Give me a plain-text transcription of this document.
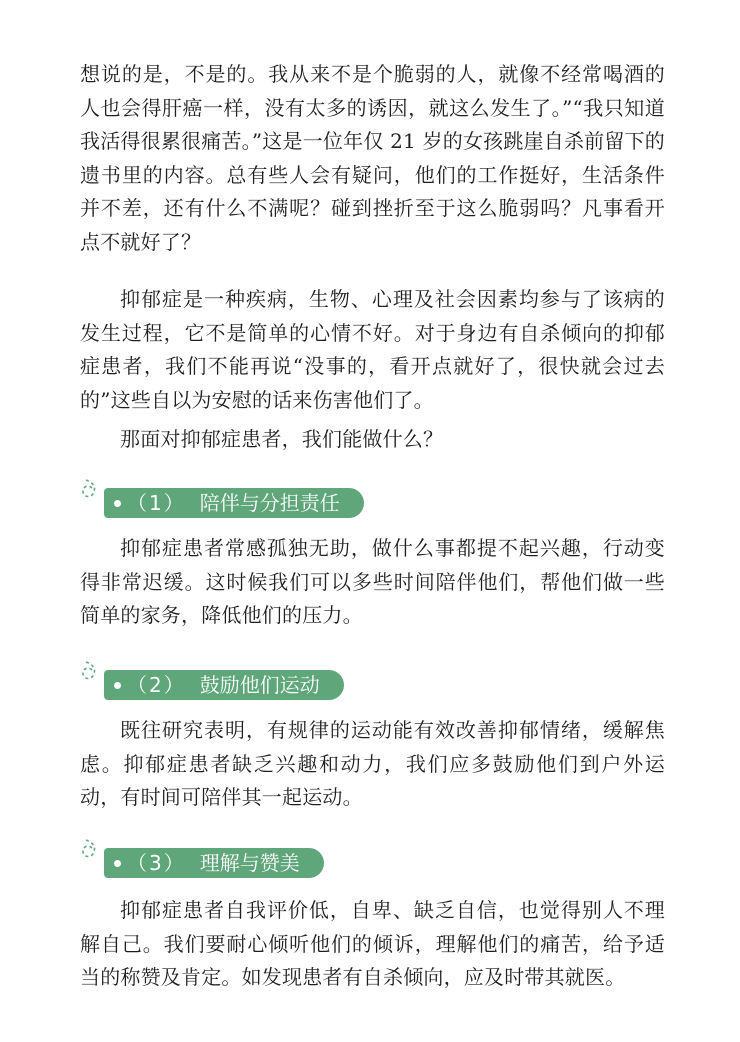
想说的是，不是的。我从来不是个脆弱的人，就像不经常喝酒的人也会得肝癌一样，没有太多的诱因，就这么发生了。”“我只知道我活得很累很痛苦。”这是一位年仅 21 岁的女孩跳崖自杀前留下的遗书里的内容。总有些人会有疑问，他们的工作挺好，生活条件并不差，还有什么不满呢？碰到挫折至于这么脆弱吗？凡事看开点不就好了？

抑郁症是一种疾病，生物、心理及社会因素均参与了该病的发生过程，它不是简单的心情不好。对于身边有自杀倾向的抑郁症患者，我们不能再说“没事的，看开点就好了，很快就会过去的”这些自以为安慰的话来伤害他们了。

那面对抑郁症患者，我们能做什么？

（1） 陪伴与分担责任

抑郁症患者常感孤独无助，做什么事都提不起兴趣，行动变得非常迟缓。这时候我们可以多些时间陪伴他们，帮他们做一些简单的家务，降低他们的压力。

（2） 鼓励他们运动

既往研究表明，有规律的运动能有效改善抑郁情绪，缓解焦虑。抑郁症患者缺乏兴趣和动力，我们应多鼓励他们到户外运动，有时间可陪伴其一起运动。

（3） 理解与赞美

抑郁症患者自我评价低，自卑、缺乏自信，也觉得别人不理解自己。我们要耐心倾听他们的倾诉，理解他们的痛苦，给予适当的称赞及肯定。如发现患者有自杀倾向，应及时带其就医。
